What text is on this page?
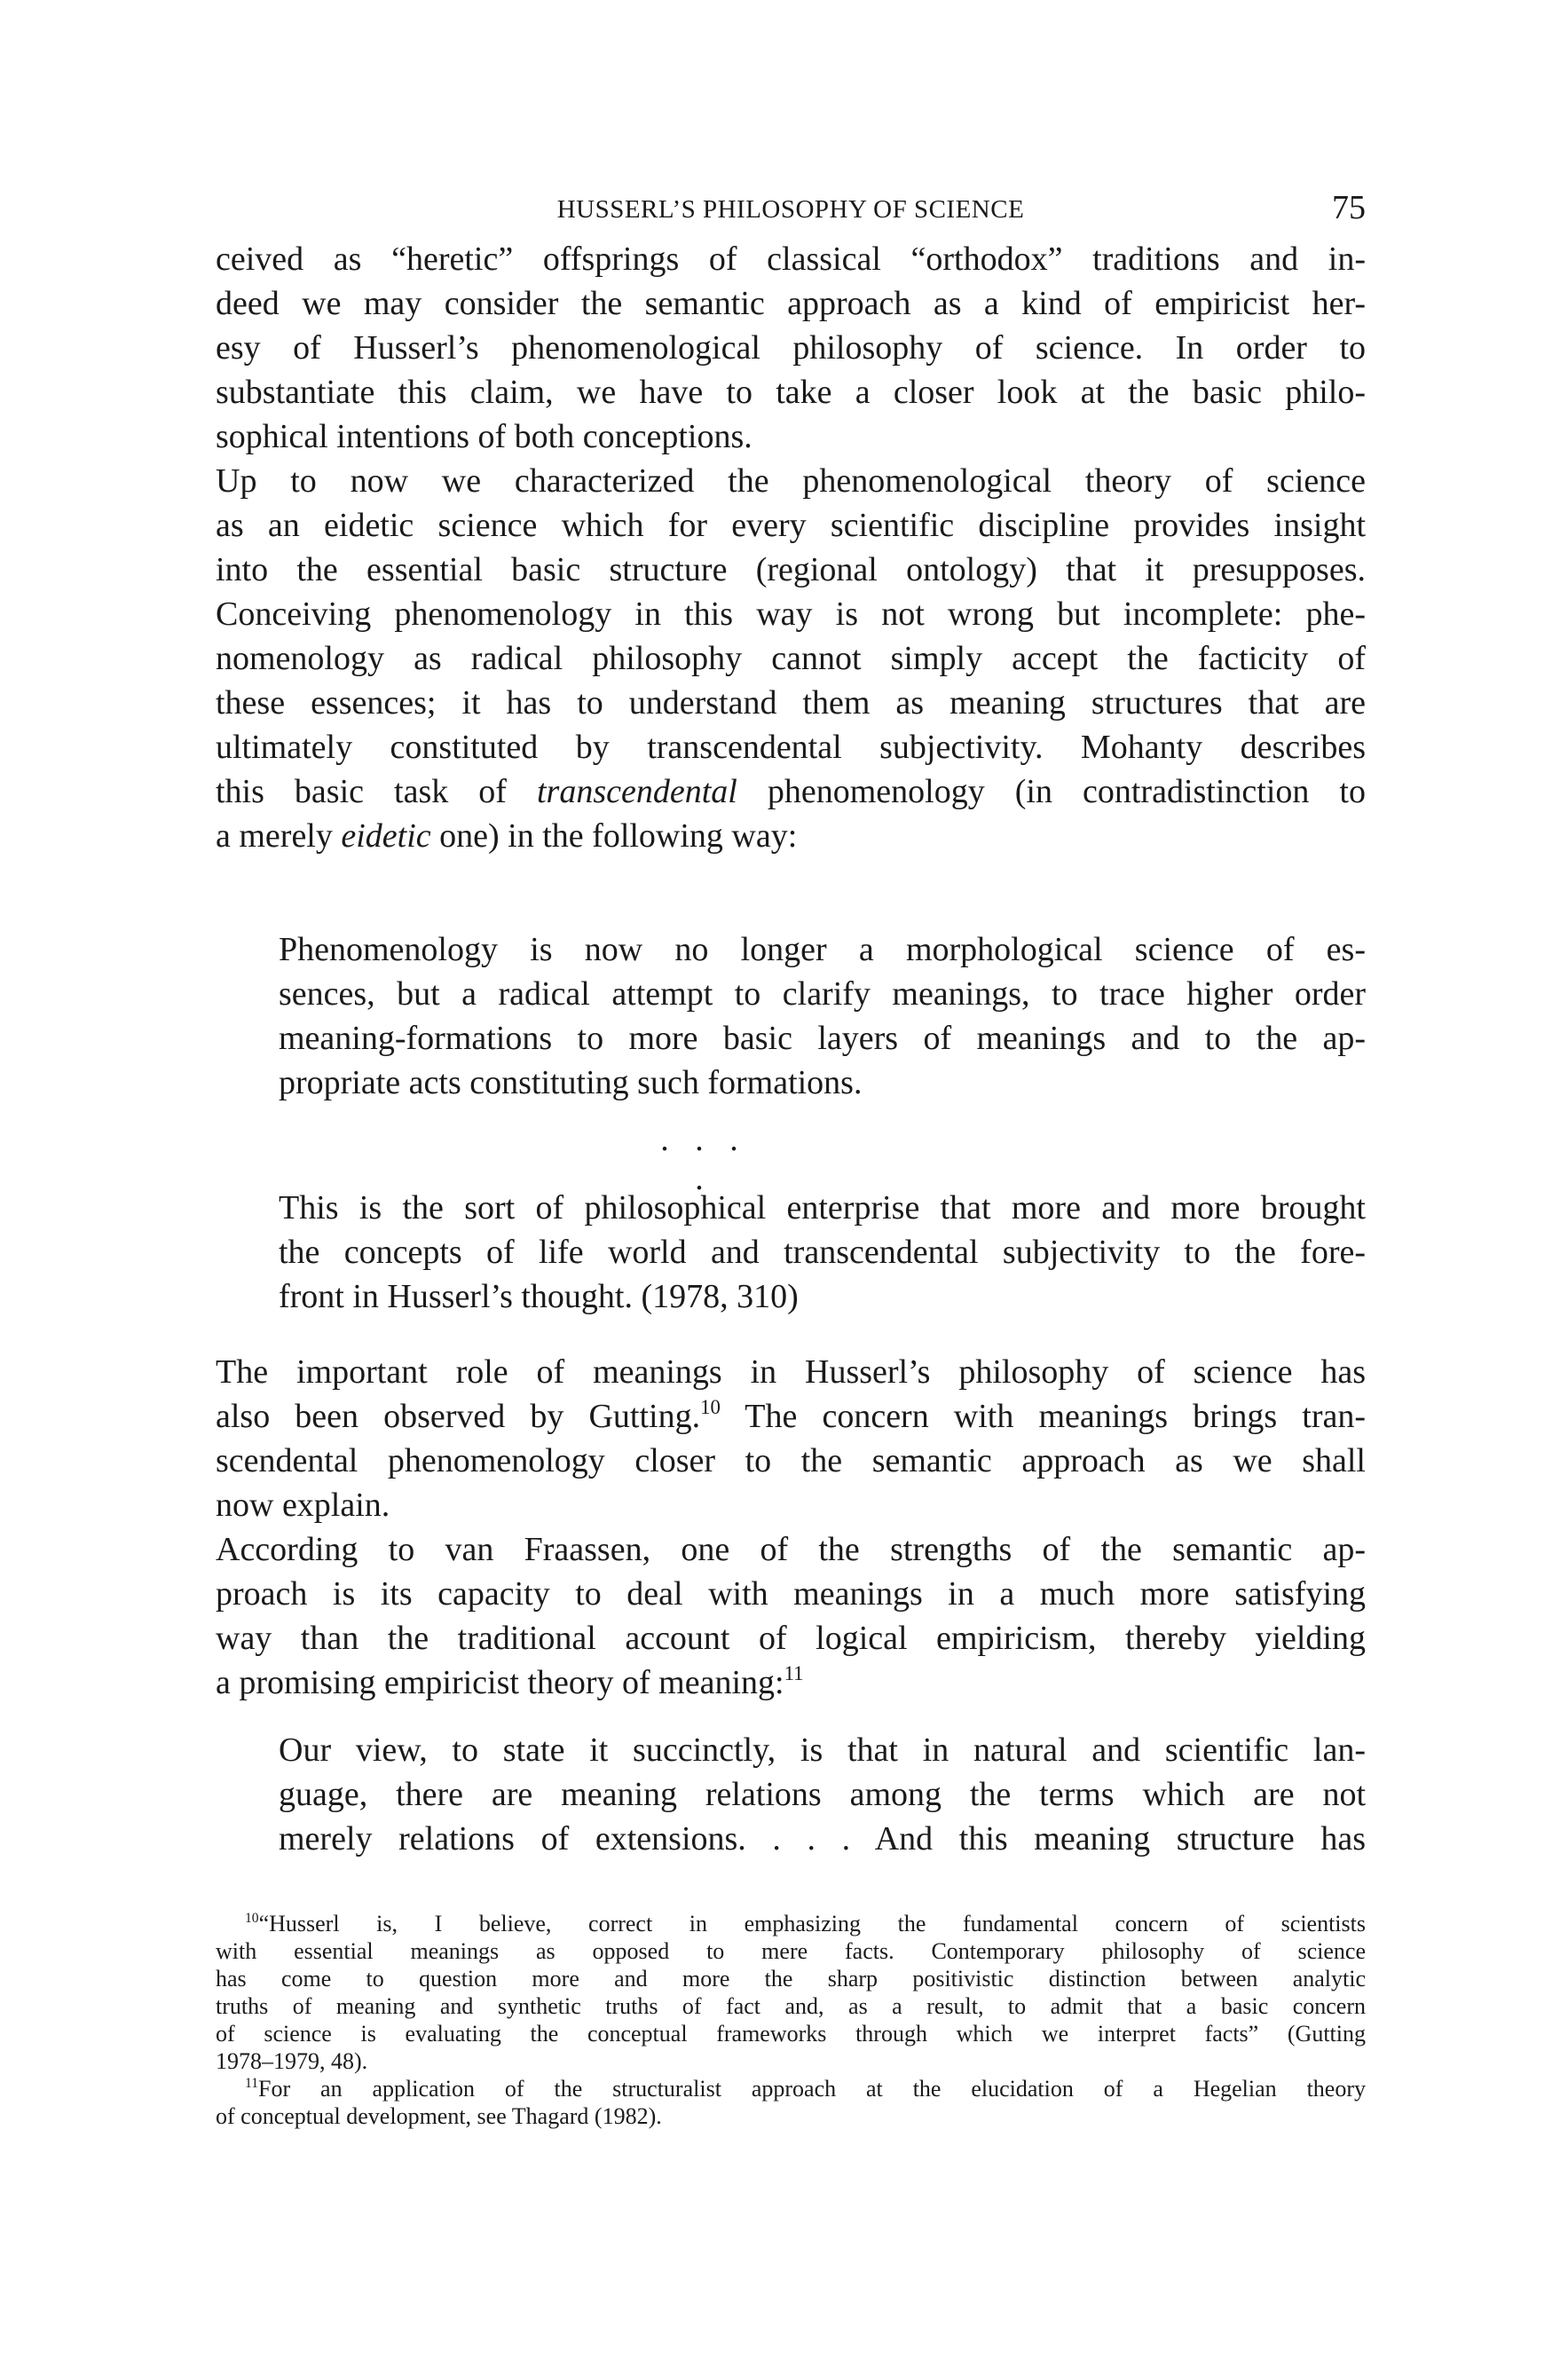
HUSSERL’S PHILOSOPHY OF SCIENCE	75
ceived as “heretic” offsprings of classical “orthodox” traditions and in-
deed we may consider the semantic approach as a kind of empiricist her-
esy of Husserl’s phenomenological philosophy of science. In order to
substantiate this claim, we have to take a closer look at the basic philo-
sophical intentions of both conceptions.
Up to now we characterized the phenomenological theory of science
as an eidetic science which for every scientific discipline provides insight
into the essential basic structure (regional ontology) that it presupposes.
Conceiving phenomenology in this way is not wrong but incomplete: phe-
nomenology as radical philosophy cannot simply accept the facticity of
these essences; it has to understand them as meaning structures that are
ultimately constituted by transcendental subjectivity. Mohanty describes
this basic task of transcendental phenomenology (in contradistinction to
a merely eidetic one) in the following way:
Phenomenology is now no longer a morphological science of es-
sences, but a radical attempt to clarify meanings, to trace higher order
meaning-formations to more basic layers of meanings and to the ap-
propriate acts constituting such formations.
. . . .
This is the sort of philosophical enterprise that more and more brought
the concepts of life world and transcendental subjectivity to the fore-
front in Husserl’s thought. (1978, 310)
The important role of meanings in Husserl’s philosophy of science has
also been observed by Gutting.$^{10}$ The concern with meanings brings tran-
scendental phenomenology closer to the semantic approach as we shall
now explain.
According to van Fraassen, one of the strengths of the semantic ap-
proach is its capacity to deal with meanings in a much more satisfying
way than the traditional account of logical empiricism, thereby yielding
a promising empiricist theory of meaning:$^{11}$
Our view, to state it succinctly, is that in natural and scientific lan-
guage, there are meaning relations among the terms which are not
merely relations of extensions. . . . And this meaning structure has
$^{10}$“Husserl is, I believe, correct in emphasizing the fundamental concern of scientists
with essential meanings as opposed to mere facts. Contemporary philosophy of science
has come to question more and more the sharp positivistic distinction between analytic
truths of meaning and synthetic truths of fact and, as a result, to admit that a basic concern
of science is evaluating the conceptual frameworks through which we interpret facts” (Gutting
1978–1979, 48).
$^{11}$For an application of the structuralist approach at the elucidation of a Hegelian theory
of conceptual development, see Thagard (1982).
